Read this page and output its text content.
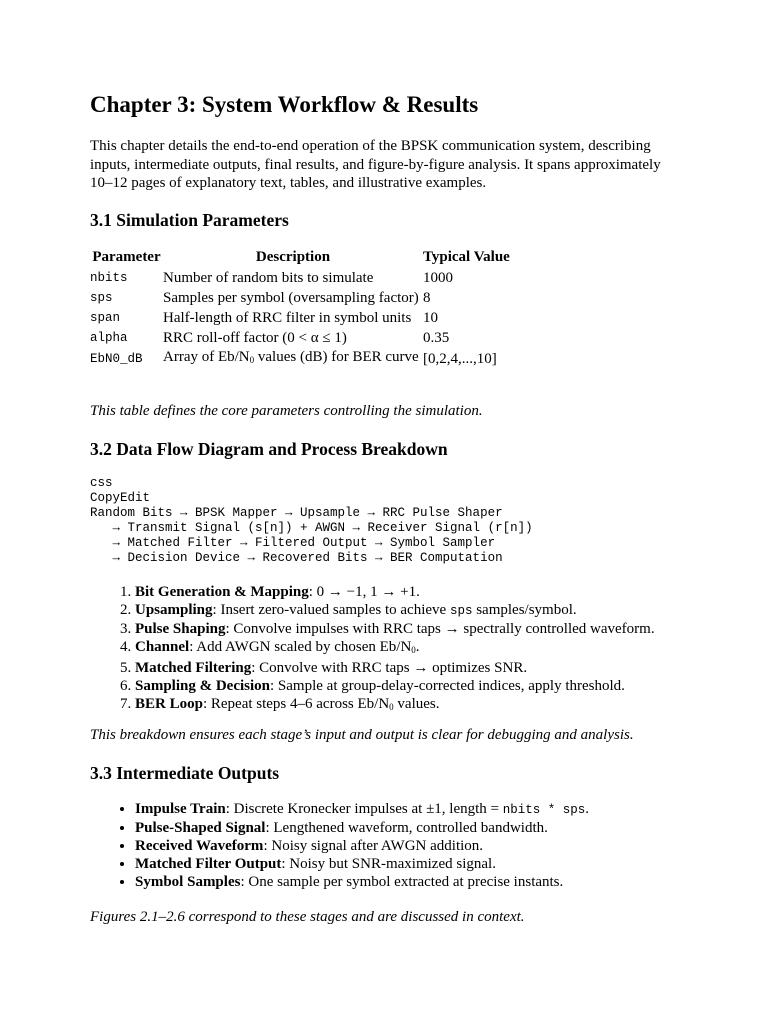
Chapter 3: System Workflow & Results

This chapter details the end-to-end operation of the BPSK communication system, describing inputs, intermediate outputs, final results, and figure-by-figure analysis. It spans approximately 10–12 pages of explanatory text, tables, and illustrative examples.

3.1 Simulation Parameters
Parameter	Description	Typical Value
nbits	Number of random bits to simulate	1000
sps	Samples per symbol (oversampling factor)	8
span	Half-length of RRC filter in symbol units	10
alpha	RRC roll-off factor (0 < α ≤ 1)	0.35
EbN0_dB	Array of $Eb/N_0$ values (dB) for BER curve	[0,2,4,...,10]

This table defines the core parameters controlling the simulation.

3.2 Data Flow Diagram and Process Breakdown
css
CopyEdit
Random Bits → BPSK Mapper → Upsample → RRC Pulse Shaper
→ Transmit Signal (s[n]) + AWGN → Receiver Signal (r[n])
→ Matched Filter → Filtered Output → Symbol Sampler
→ Decision Device → Recovered Bits → BER Computation
1. Bit Generation & Mapping: 0 → −1, 1 → +1.
2. Upsampling: Insert zero-valued samples to achieve sps samples/symbol.
3. Pulse Shaping: Convolve impulses with RRC taps → spectrally controlled waveform.
4. Channel: Add AWGN scaled by chosen $Eb/N_0$.
5. Matched Filtering: Convolve with RRC taps → optimizes SNR.
6. Sampling & Decision: Sample at group-delay-corrected indices, apply threshold.
7. BER Loop: Repeat steps 4–6 across $Eb/N_0$ values.

This breakdown ensures each stage’s input and output is clear for debugging and analysis.

3.3 Intermediate Outputs
• Impulse Train: Discrete Kronecker impulses at ±1, length = nbits * sps.
• Pulse-Shaped Signal: Lengthened waveform, controlled bandwidth.
• Received Waveform: Noisy signal after AWGN addition.
• Matched Filter Output: Noisy but SNR-maximized signal.
• Symbol Samples: One sample per symbol extracted at precise instants.

Figures 2.1–2.6 correspond to these stages and are discussed in context.
